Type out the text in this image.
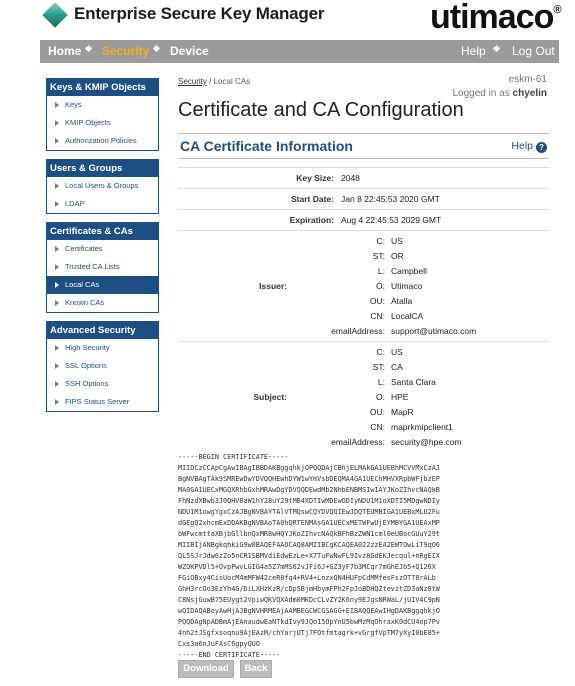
Enterprise Secure Key Manager	utimaco®
Home Security Device	Help Log Out
Keys & KMIP Objects
Keys
KMIP Objects
Authorization Policies
Users & Groups
Local Users & Groups
LDAP
Certificates & CAs
Certificates
Trusted CA Lists
Local CAs
Known CAs
Advanced Security
High Security
SSL Options
SSH Options
FIPS Status Server
Security / Local CAs	eskm-61
Logged in as chyelin
Certificate and CA Configuration
CA Certificate Information	Help ?
Key Size: 2048
Start Date: Jan 8 22:45:53 2020 GMT
Expiration: Aug 4 22:45:53 2029 GMT
Issuer:
C: US
ST: OR
L: Campbell
O: Utimaco
OU: Atalla
CN: LocalCA
emailAddress: support@utimaco.com
Subject:
C: US
ST: CA
L: Santa Clara
O: HPE
OU: MapR
CN: maprkmipclient1
emailAddress: security@hpe.com
-----BEGIN CERTIFICATE-----
MIIDCzCCApCgAwIBAgIBBDAKBggqhkjOPQQDAjCBhjELMAkGA1UEBhMCVVMxCzAJ
BgNVBAgTAk9SMREwDwYDVQQHEwhDYW1wYmVsbDEQMA4GA1UEChMHVXRpbWFjbzEP
MA0GA1UECxMGQXRhbGxhMRAwDgYDVQQDEwdMb2NhbENBMSIwIAYJKoZIhvcNAQkB
FhNzdXBwb3J0QHV0aW1hY28uY29tMB4XDTIwMDEwODIyNDU1M1oXDTI5MDgwNDIy
NDU1M1owgYgxCzAJBgNVBAYTAlVTMQswCQYDVQQIEwJDQTEUMBIGA1UEBxMLU2Fu
dGEgQ2xhcmExDDAKBgNVBAoTA0hQRTENMAsGA1UECxMETWFwUjEYMBYGA1UEAxMP
bWFwcmttaXBjbGllbnQxMR8wHQYJKoZIhvcNAQkBFhBzZWN1cml0eUBocGUuY29t
MIIBIjANBgkqhkiG9w0BAQEFAAOCAQ8AMIIBCgKCAQEA022zzEA2EWTOwLiT9qO6
QL5SJrJdw6zZo5nCR1SBMVdiEdwEzLe+X7TuFwNwFL9Ivz8GdEKJecqul+nRgEIX
WZOKPVDl5+OvpPwvLGIG4a5Z7mMS62vJFi6J+GZ3yF7b3MCqr7mGhEJb5+Q126X
FGiOBxy4CisUocM4mMFW42ceR8fq4+RV4+LnzxQN4HUFpCdMMfesFszOT78rALb
GhH3rcOo3EzYh4G/DiLXHzKzR/cDp5BjmHbymFPh2FpJoBDHQZtevztZD3aNz0tW
C8NsjGuwB75EUygt2VpiwQKVQXAdm0MKDcCLvZY2K6ny9EJgsNRWaL/jUIV4C9pN
wQIDAQABoyAwHjAJBgNVHRMEAjAAMBEGCWCGSAGG+EIBAQQEAwIHgDAKBggqhkjO
PQQDAgNpADBmAjEAnaudwEaNTkdIvy9JQo15OpYnU5bwMzMqOhraxK0dCU4op7Pv
4nh2tJSgfxsoqnu9AjEAzM/chYarjUTj7FOtfmtagrk+vGrgfVpTM7yXyI0bE85+
Cxs3a6nJuFAsC6gpyQUO
-----END CERTIFICATE-----
Download	Back
